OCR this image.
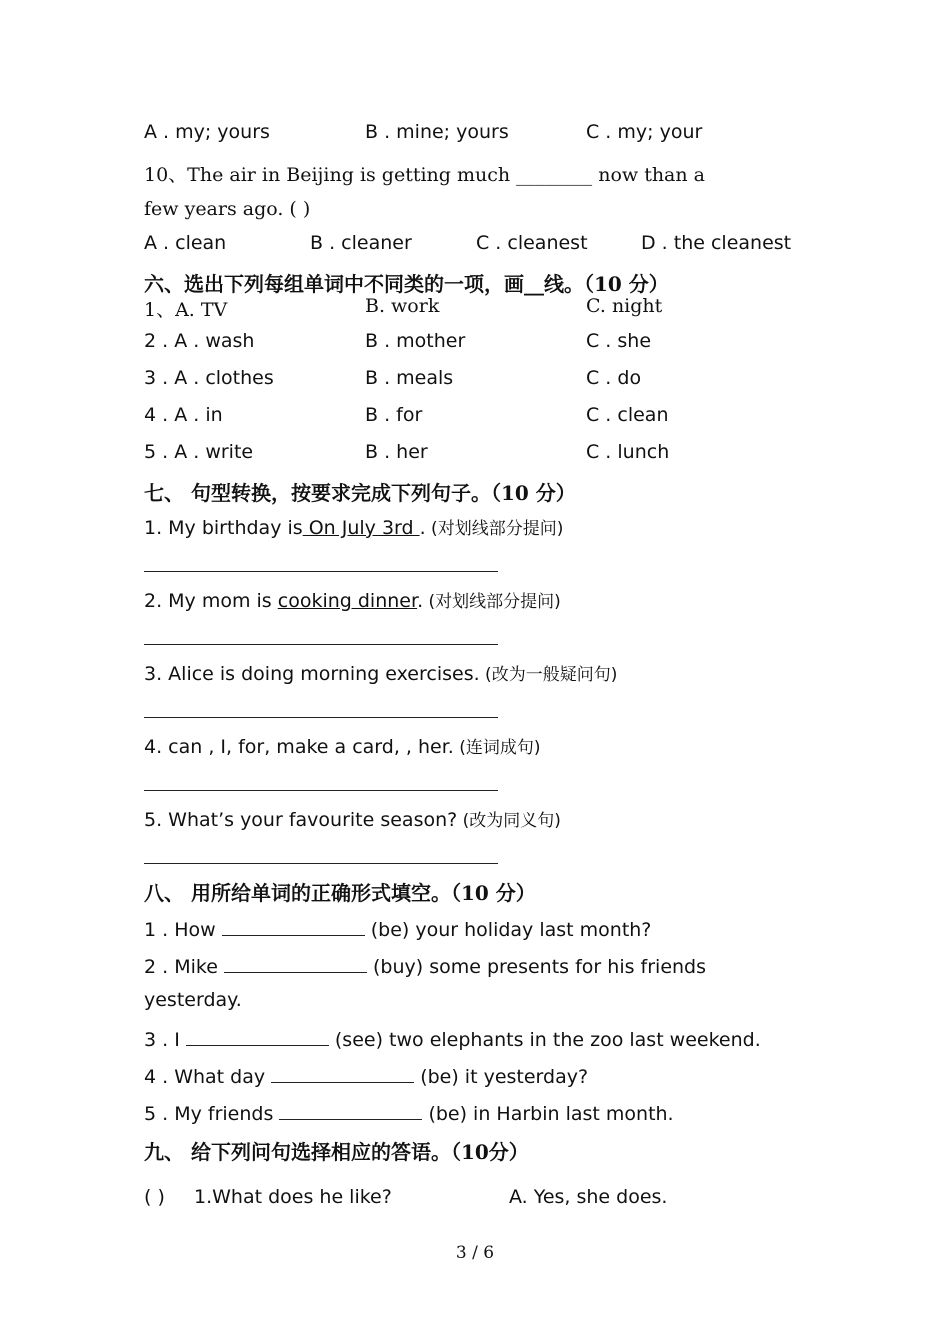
A . my; yours	B . mine; yours	C . my; your
10、The air in Beijing is getting much ________ now than a
few years ago. ( )
A . clean	B . cleaner	C . cleanest	D . the cleanest
六、选出下列每组单词中不同类的一项，画__线。（10 分）
1、A. TV	B. work	C. night
2 . A . wash	B . mother	C . she
3 . A . clothes	B . meals	C . do
4 . A . in	B . for	C . clean
5 . A . write	B . her	C . lunch
七、 句型转换，按要求完成下列句子。（10 分）
1. My birthday is On July 3rd . (对划线部分提问)
2. My mom is cooking dinner. (对划线部分提问)
3. Alice is doing morning exercises. (改为一般疑问句)
4. can , I, for, make a card, , her. (连词成句)
5. What’s your favourite season? (改为同义句)
八、 用所给单词的正确形式填空。（10 分）
1 . How	(be) your holiday last month?
2 . Mike	(buy) some presents for his friends
yesterday.
3 . I	(see) two elephants in the zoo last weekend.
4 . What day	(be) it yesterday?
5 . My friends	(be) in Harbin last month.
九、 给下列问句选择相应的答语。（10分）
( ) 1.What does he like?	A. Yes, she does.
3 / 6
